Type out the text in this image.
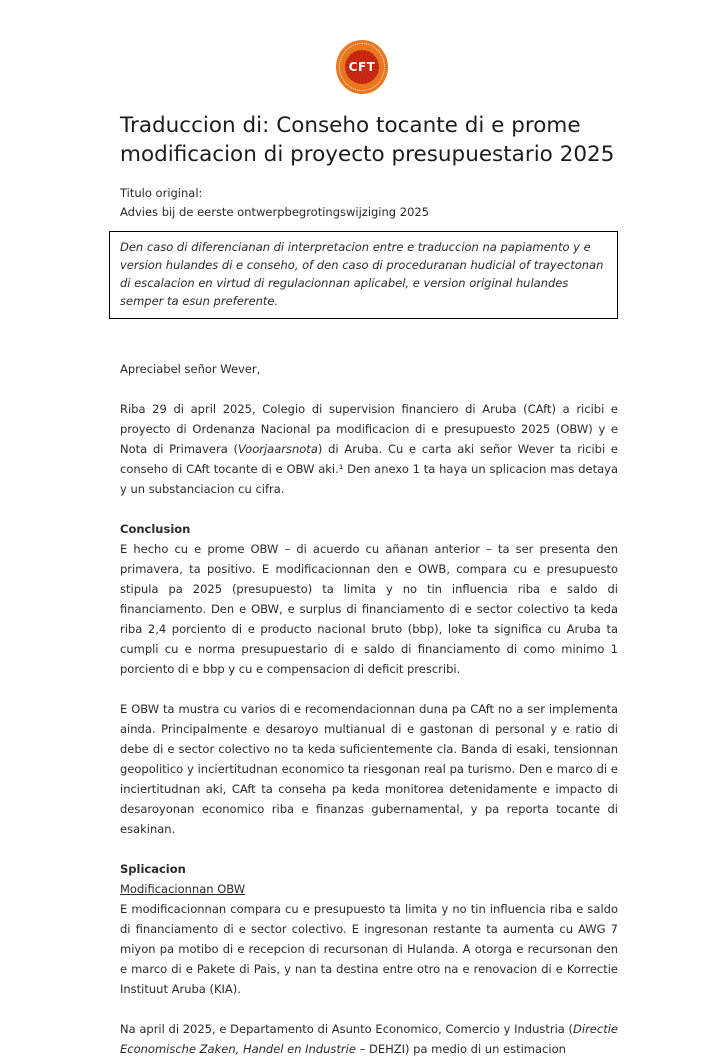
CFT
Traduccion di: Conseho tocante di e prome modificacion di proyecto presupuestario 2025

Titulo original:

Advies bij de eerste ontwerpbegrotingswijziging 2025

Den caso di diferencianan di interpretacion entre e traduccion na papiamento y e version hulandes di e conseho, of den caso di proceduranan hudicial of trayectonan di escalacion en virtud di regulacionnan aplicabel, e version original hulandes semper ta esun preferente.

Apreciabel señor Wever,

Riba 29 di april 2025, Colegio di supervision financiero di Aruba (CAft) a ricibi e proyecto di Ordenanza Nacional pa modificacion di e presupuesto 2025 (OBW) y e Nota di Primavera (Voorjaarsnota) di Aruba. Cu e carta aki señor Wever ta ricibi e conseho di CAft tocante di e OBW aki.¹ Den anexo 1 ta haya un splicacion mas detaya y un substanciacion cu cifra.

Conclusion

E hecho cu e prome OBW – di acuerdo cu añanan anterior – ta ser presenta den primavera, ta positivo. E modificacionnan den e OWB, compara cu e presupuesto stipula pa 2025 (presupuesto) ta limita y no tin influencia riba e saldo di financiamento. Den e OBW, e surplus di financiamento di e sector colectivo ta keda riba 2,4 porciento di e producto nacional bruto (bbp), loke ta significa cu Aruba ta cumpli cu e norma presupuestario di e saldo di financiamento di como minimo 1 porciento di e bbp y cu e compensacion di deficit prescribi.

E OBW ta mustra cu varios di e recomendacionnan duna pa CAft no a ser implementa ainda. Principalmente e desaroyo multianual di e gastonan di personal y e ratio di debe di e sector colectivo no ta keda suficientemente cla. Banda di esaki, tensionnan geopolitico y inciertitudnan economico ta riesgonan real pa turismo. Den e marco di e inciertitudnan aki, CAft ta conseha pa keda monitorea detenidamente e impacto di desaroyonan economico riba e finanzas gubernamental, y pa reporta tocante di esakinan.

Splicacion

Modificacionnan OBW

E modificacionnan compara cu e presupuesto ta limita y no tin influencia riba e saldo di financiamento di e sector colectivo. E ingresonan restante ta aumenta cu AWG 7 miyon pa motibo di e recepcion di recursonan di Hulanda. A otorga e recursonan den e marco di e Pakete di Pais, y nan ta destina entre otro na e renovacion di e Korrectie Instituut Aruba (KIA).

Na april di 2025, e Departamento di Asunto Economico, Comercio y Industria (Directie Economische Zaken, Handel en Industrie – DEHZI) pa medio di un estimacion
